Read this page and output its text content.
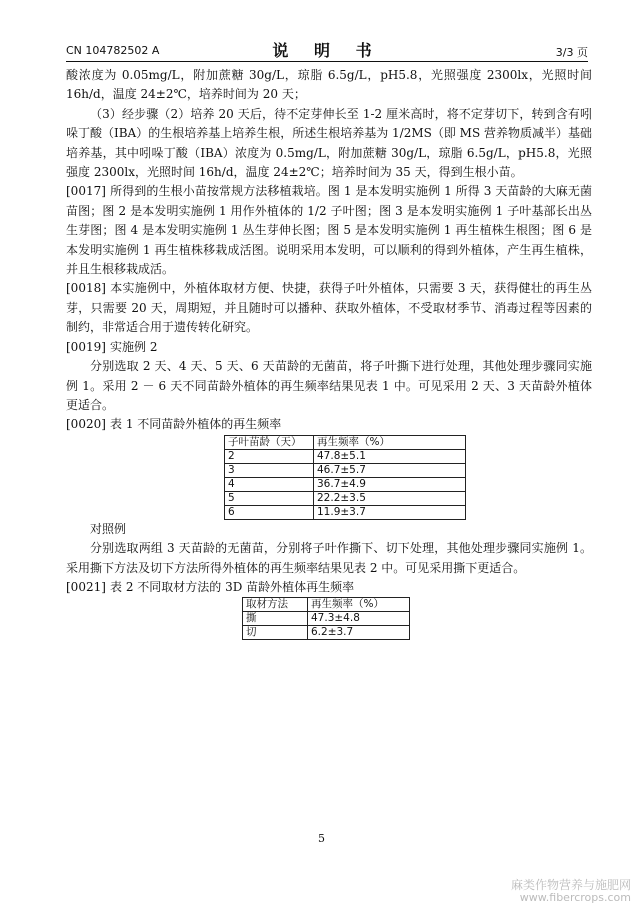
CN 104782502 A	说 明 书	3/3 页

酸浓度为 0.05mg/L，附加蔗糖 30g/L，琼脂 6.5g/L，pH5.8，光照强度 2300lx，光照时间 16h/d，温度 24±2℃，培养时间为 20 天；

（3）经步骤（2）培养 20 天后，待不定芽伸长至 1-2 厘米高时，将不定芽切下，转到含有吲哚丁酸（IBA）的生根培养基上培养生根，所述生根培养基为 1/2MS（即 MS 营养物质减半）基础培养基，其中吲哚丁酸（IBA）浓度为 0.5mg/L，附加蔗糖 30g/L，琼脂 6.5g/L，pH5.8，光照强度 2300lx，光照时间 16h/d，温度 24±2℃；培养时间为 35 天，得到生根小苗。

[0017] 所得到的生根小苗按常规方法移植栽培。图 1 是本发明实施例 1 所得 3 天苗龄的大麻无菌苗图；图 2 是本发明实施例 1 用作外植体的 1/2 子叶图；图 3 是本发明实施例 1 子叶基部长出丛生芽图；图 4 是本发明实施例 1 丛生芽伸长图；图 5 是本发明实施例 1 再生植株生根图；图 6 是本发明实施例 1 再生植株移栽成活图。说明采用本发明，可以顺利的得到外植体，产生再生植株，并且生根移栽成活。

[0018] 本实施例中，外植体取材方便、快捷，获得子叶外植体，只需要 3 天，获得健壮的再生丛芽，只需要 20 天，周期短，并且随时可以播种、获取外植体，不受取材季节、消毒过程等因素的制约，非常适合用于遗传转化研究。

[0019] 实施例 2

分别选取 2 天、4 天、5 天、6 天苗龄的无菌苗，将子叶撕下进行处理，其他处理步骤同实施例 1。采用 2 － 6 天不同苗龄外植体的再生频率结果见表 1 中。可见采用 2 天、3 天苗龄外植体更适合。

[0020] 表 1 不同苗龄外植体的再生频率

子叶苗龄（天）	再生频率（%）
2	47.8±5.1
3	46.7±5.7
4	36.7±4.9
5	22.2±3.5
6	11.9±3.7

对照例

分别选取两组 3 天苗龄的无菌苗，分别将子叶作撕下、切下处理，其他处理步骤同实施例 1。采用撕下方法及切下方法所得外植体的再生频率结果见表 2 中。可见采用撕下更适合。

[0021] 表 2 不同取材方法的 3D 苗龄外植体再生频率

取材方法	再生频率（%）
撕	47.3±4.8
切	6.2±3.7
5
麻类作物营养与施肥网
www.fibercrops.com
